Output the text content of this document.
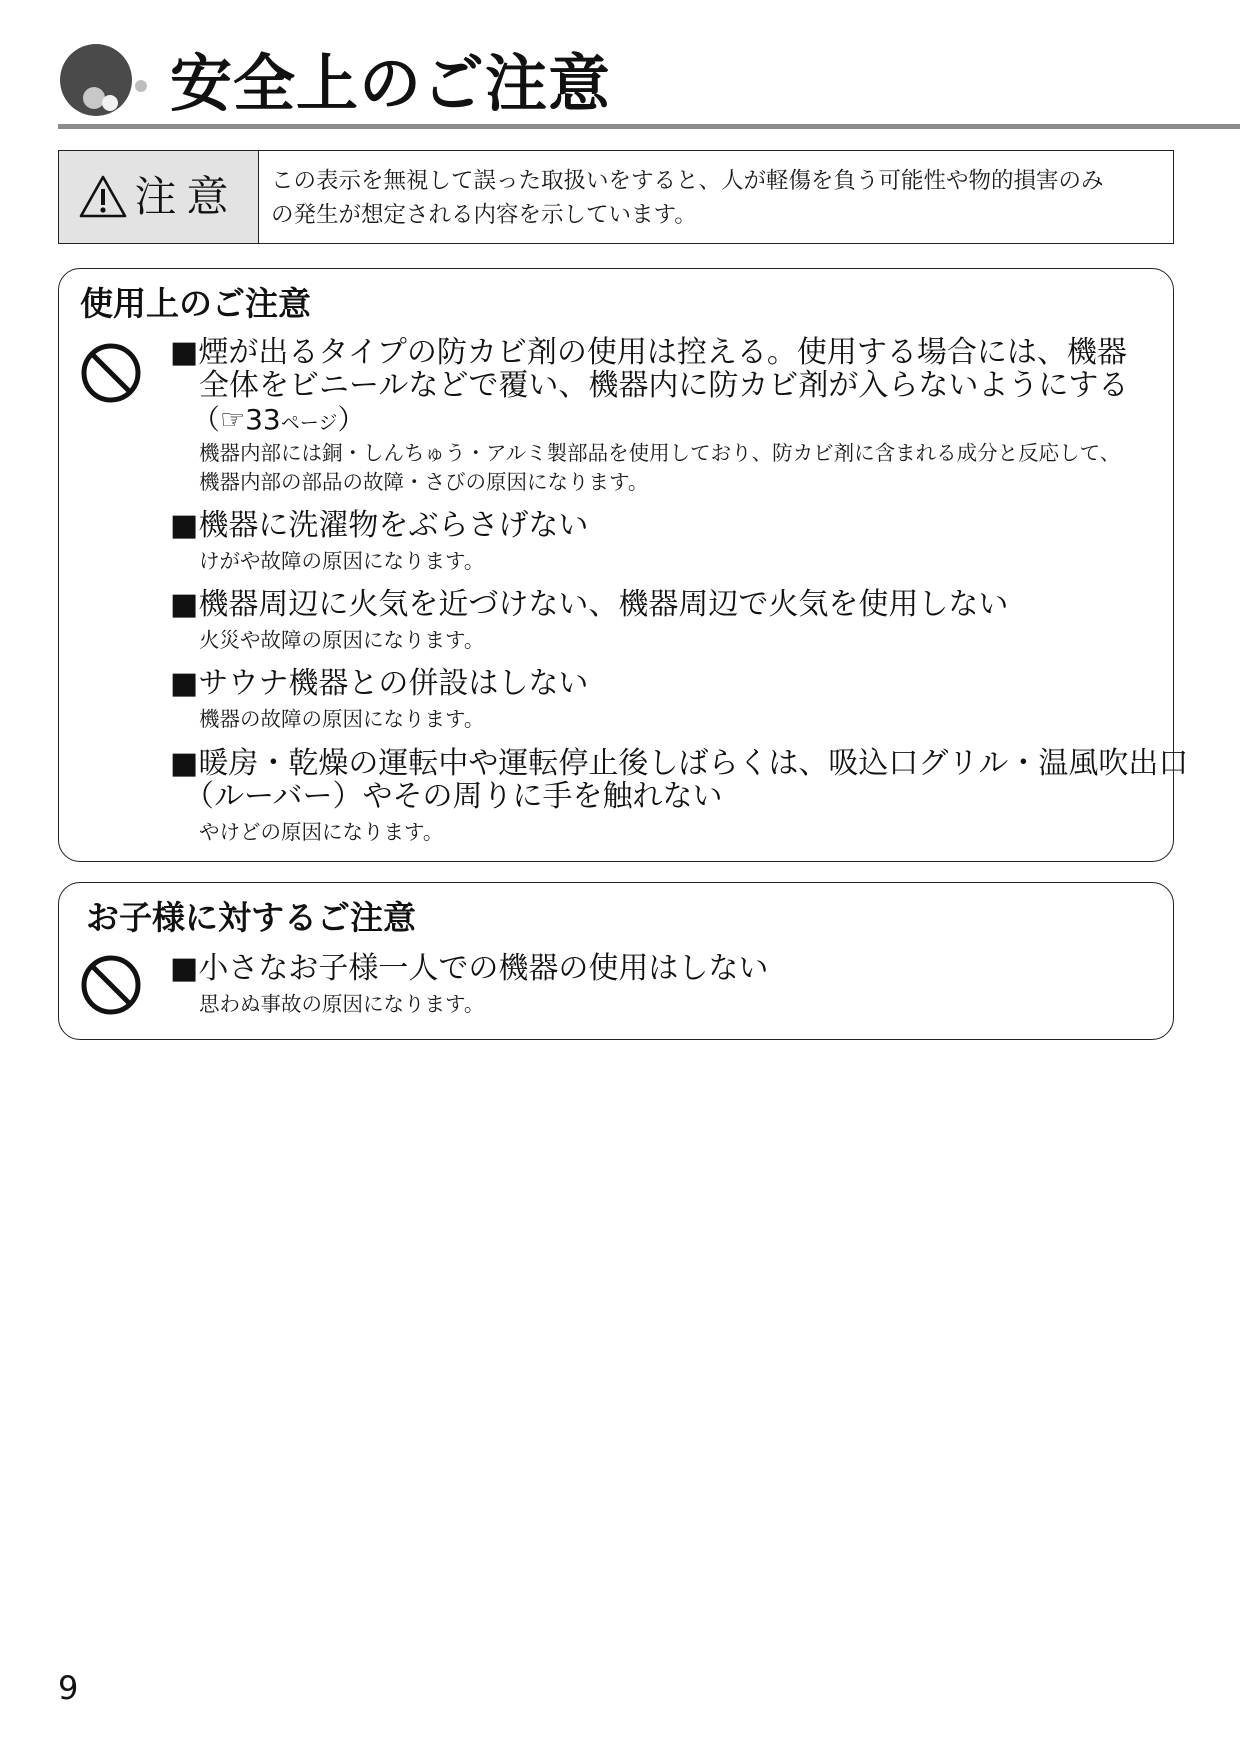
安全上のご注意
注意 この表示を無視して誤った取扱いをすると、人が軽傷を負う可能性や物的損害のみ
の発生が想定される内容を示しています。
使用上のご注意
■煙が出るタイプの防カビ剤の使用は控える。使用する場合には、機器
全体をビニールなどで覆い、機器内に防カビ剤が入らないようにする
（☞33ページ）
機器内部には銅・しんちゅう・アルミ製部品を使用しており、防カビ剤に含まれる成分と反応して、
機器内部の部品の故障・さびの原因になります。
■機器に洗濯物をぶらさげない
けがや故障の原因になります。
■機器周辺に火気を近づけない、機器周辺で火気を使用しない
火災や故障の原因になります。
■サウナ機器との併設はしない
機器の故障の原因になります。
■暖房・乾燥の運転中や運転停止後しばらくは、吸込口グリル・温風吹出口
（ルーバー）やその周りに手を触れない
やけどの原因になります。
お子様に対するご注意
■小さなお子様一人での機器の使用はしない
思わぬ事故の原因になります。
9
